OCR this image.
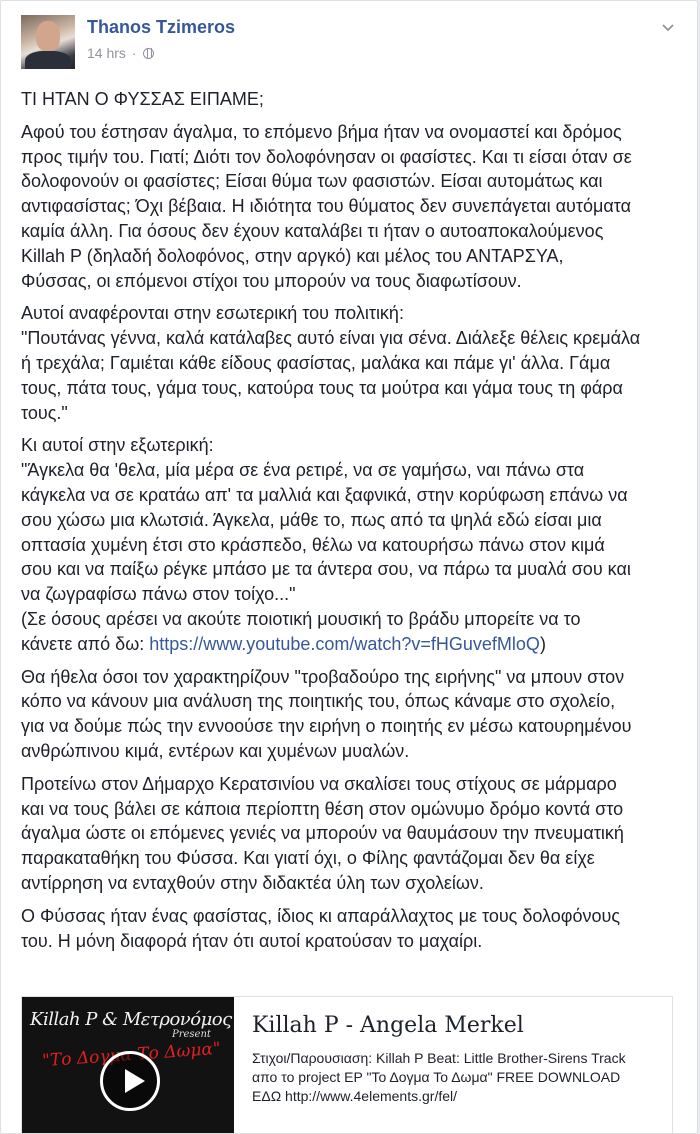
Thanos Tzimeros
14 hrs ·

ΤΙ ΗΤΑΝ Ο ΦΥΣΣΑΣ ΕΙΠΑΜΕ;

Αφού του έστησαν άγαλμα, το επόμενο βήμα ήταν να ονομαστεί και δρόμος
προς τιμήν του. Γιατί; Διότι τον δολοφόνησαν οι φασίστες. Και τι είσαι όταν σε
δολοφονούν οι φασίστες; Είσαι θύμα των φασιστών. Είσαι αυτομάτως και
αντιφασίστας; Όχι βέβαια. Η ιδιότητα του θύματος δεν συνεπάγεται αυτόματα
καμία άλλη. Για όσους δεν έχουν καταλάβει τι ήταν ο αυτοαποκαλούμενος
Killah P (δηλαδή δολοφόνος, στην αργκό) και μέλος του ΑΝΤΑΡΣΥΑ,
Φύσσας, οι επόμενοι στίχοι του μπορούν να τους διαφωτίσουν.

Αυτοί αναφέρονται στην εσωτερική του πολιτική:
"Πουτάνας γέννα, καλά κατάλαβες αυτό είναι για σένα. Διάλεξε θέλεις κρεμάλα
ή τρεχάλα; Γαμιέται κάθε είδους φασίστας, μαλάκα και πάμε γι' άλλα. Γάμα
τους, πάτα τους, γάμα τους, κατούρα τους τα μούτρα και γάμα τους τη φάρα
τους."

Κι αυτοί στην εξωτερική:
"Άγκελα θα 'θελα, μία μέρα σε ένα ρετιρέ, να σε γαμήσω, ναι πάνω στα
κάγκελα να σε κρατάω απ' τα μαλλιά και ξαφνικά, στην κορύφωση επάνω να
σου χώσω μια κλωτσιά. Άγκελα, μάθε το, πως από τα ψηλά εδώ είσαι μια
οπτασία χυμένη έτσι στο κράσπεδο, θέλω να κατουρήσω πάνω στον κιμά
σου και να παίξω ρέγκε μπάσο με τα άντερα σου, να πάρω τα μυαλά σου και
να ζωγραφίσω πάνω στον τοίχο..."
(Σε όσους αρέσει να ακούτε ποιοτική μουσική το βράδυ μπορείτε να το
κάνετε από δω: https://www.youtube.com/watch?v=fHGuvefMloQ)

Θα ήθελα όσοι τον χαρακτηρίζουν "τροβαδούρο της ειρήνης" να μπουν στον
κόπο να κάνουν μια ανάλυση της ποιητικής του, όπως κάναμε στο σχολείο,
για να δούμε πώς την εννοούσε την ειρήνη ο ποιητής εν μέσω κατουρημένου
ανθρώπινου κιμά, εντέρων και χυμένων μυαλών.

Προτείνω στον Δήμαρχο Κερατσινίου να σκαλίσει τους στίχους σε μάρμαρο
και να τους βάλει σε κάποια περίοπτη θέση στον ομώνυμο δρόμο κοντά στο
άγαλμα ώστε οι επόμενες γενιές να μπορούν να θαυμάσουν την πνευματική
παρακαταθήκη του Φύσσα. Και γιατί όχι, ο Φίλης φαντάζομαι δεν θα είχε
αντίρρηση να ενταχθούν στην διδακτέα ύλη των σχολείων.

Ο Φύσσας ήταν ένας φασίστας, ίδιος κι απαράλλαχτος με τους δολοφόνους
του. Η μόνη διαφορά ήταν ότι αυτοί κρατούσαν το μαχαίρι.

Killah P & Μετρονόμος
Present
"Το Δογμα Το Δωμα"
Killah P - Angela Merkel
Στιχοι/Παρουσιαση: Killah P Beat: Little Brother-Sirens Track απο το project EP "Το Δογμα Το Δωμα" FREE DOWNLOAD ΕΔΩ http://www.4elements.gr/fel/
